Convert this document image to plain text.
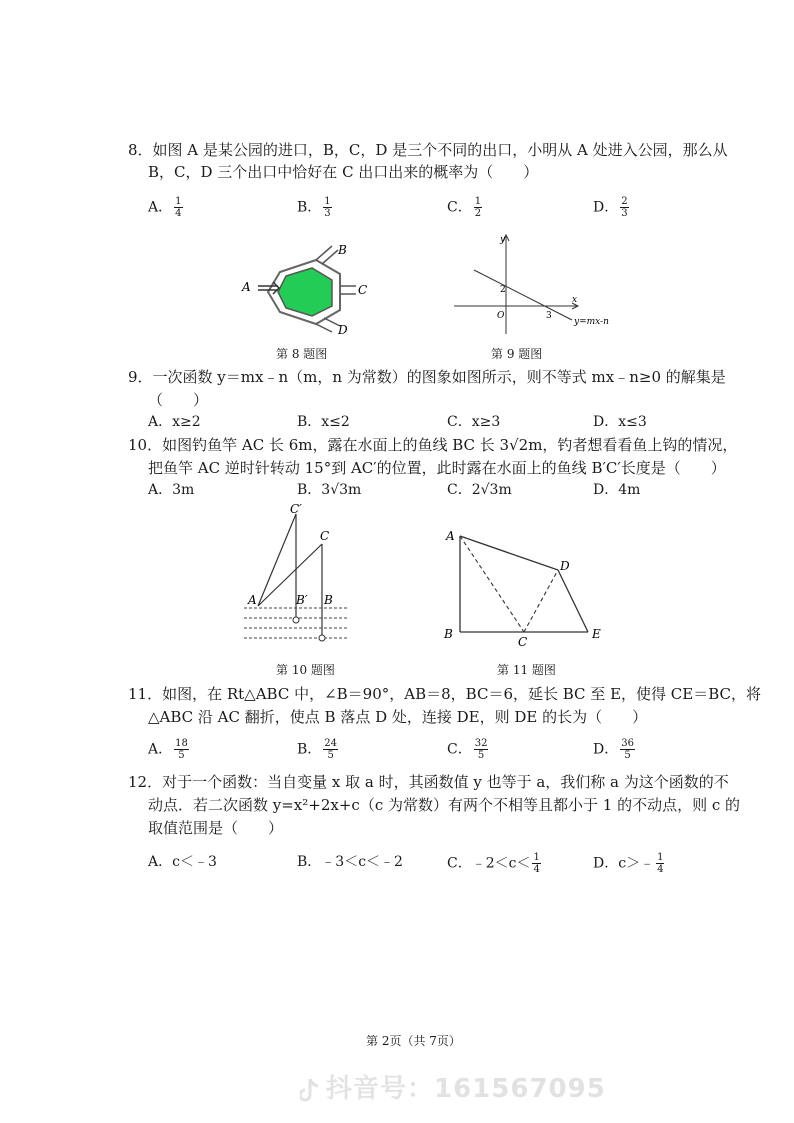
8．如图 A 是某公园的进口，B，C，D 是三个不同的出口，小明从 A 处进入公园，那么从
B，C，D 三个出口中恰好在 C 出口出来的概率为（　　）
A． $\frac{1}{4}$	B． $\frac{1}{3}$	C． $\frac{1}{2}$	D． $\frac{2}{3}$
A
B
C
D
第 8 题图
y
x
O
2
3
y=mx-n
第 9 题图
9．一次函数 y＝mx﹣n（m，n 为常数）的图象如图所示，则不等式 mx﹣n≥0 的解集是
（　　）
A．x≥2	B．x≤2	C．x≥3	D．x≤3
10．如图钓鱼竿 AC 长 6m，露在水面上的鱼线 BC 长 3√2m，钓者想看看鱼上钩的情况，
把鱼竿 AC 逆时针转动 15°到 AC′的位置，此时露在水面上的鱼线 B′C′长度是（　　）
A．3m	B．3√3m	C．2√3m	D．4m
C′
C
A	B′ B
第 10 题图
A
B
C
D
E
第 11 题图
11．如图，在 Rt△ABC 中，∠B＝90°，AB＝8，BC＝6，延长 BC 至 E，使得 CE＝BC，将
△ABC 沿 AC 翻折，使点 B 落点 D 处，连接 DE，则 DE 的长为（　　）
A． $\frac{18}{5}$	B． $\frac{24}{5}$	C． $\frac{32}{5}$	D． $\frac{36}{5}$
12．对于一个函数：当自变量 x 取 a 时，其函数值 y 也等于 a，我们称 a 为这个函数的不
动点．若二次函数 y=x²+2x+c（c 为常数）有两个不相等且都小于 1 的不动点，则 c 的
取值范围是（　　）
A．c＜﹣3	B．﹣3＜c＜﹣2	C．﹣2＜c＜ $\frac{1}{4}$	D．c＞﹣ $\frac{1}{4}$
第 2页（共 7页）
抖音号：161567095
